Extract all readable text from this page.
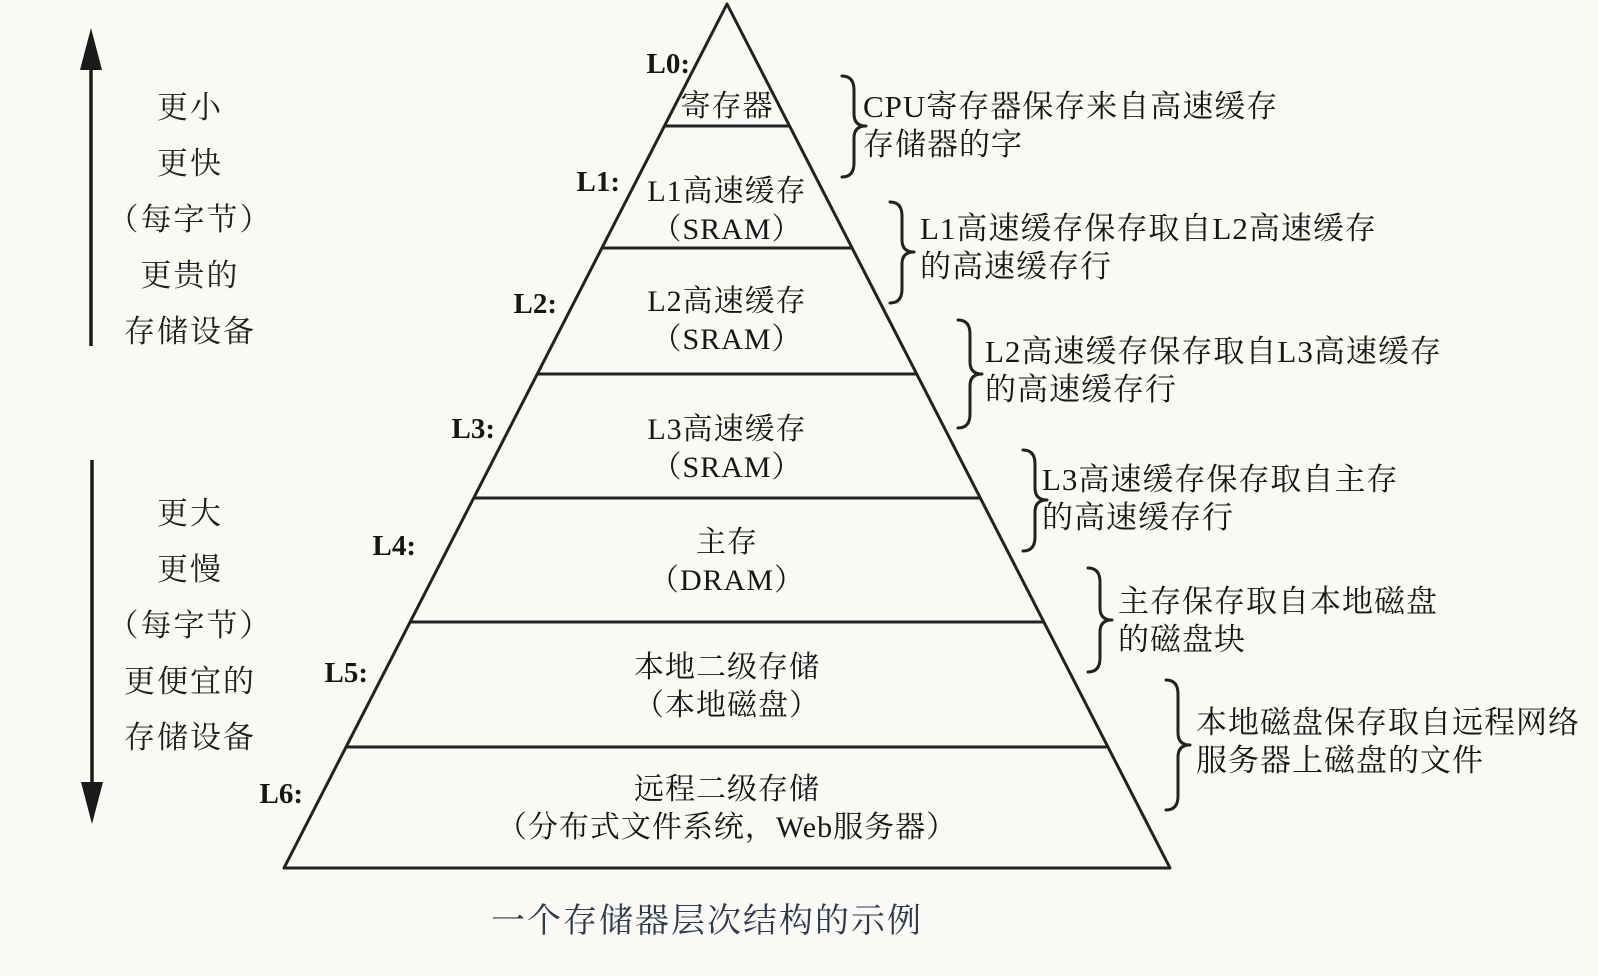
更小
更快
（每字节）
更贵的
存储设备
更大
更慢
（每字节）
更便宜的
存储设备
L0:
L1:
L2:
L3:
L4:
L5:
L6:
寄存器
L1高速缓存
（SRAM）
L2高速缓存
（SRAM）
L3高速缓存
（SRAM）
主存
（DRAM）
本地二级存储
（本地磁盘）
远程二级存储
（分布式文件系统，Web服务器）
CPU寄存器保存来自高速缓存
存储器的字
L1高速缓存保存取自L2高速缓存
的高速缓存行
L2高速缓存保存取自L3高速缓存
的高速缓存行
L3高速缓存保存取自主存
的高速缓存行
主存保存取自本地磁盘
的磁盘块
本地磁盘保存取自远程网络
服务器上磁盘的文件
一个存储器层次结构的示例
